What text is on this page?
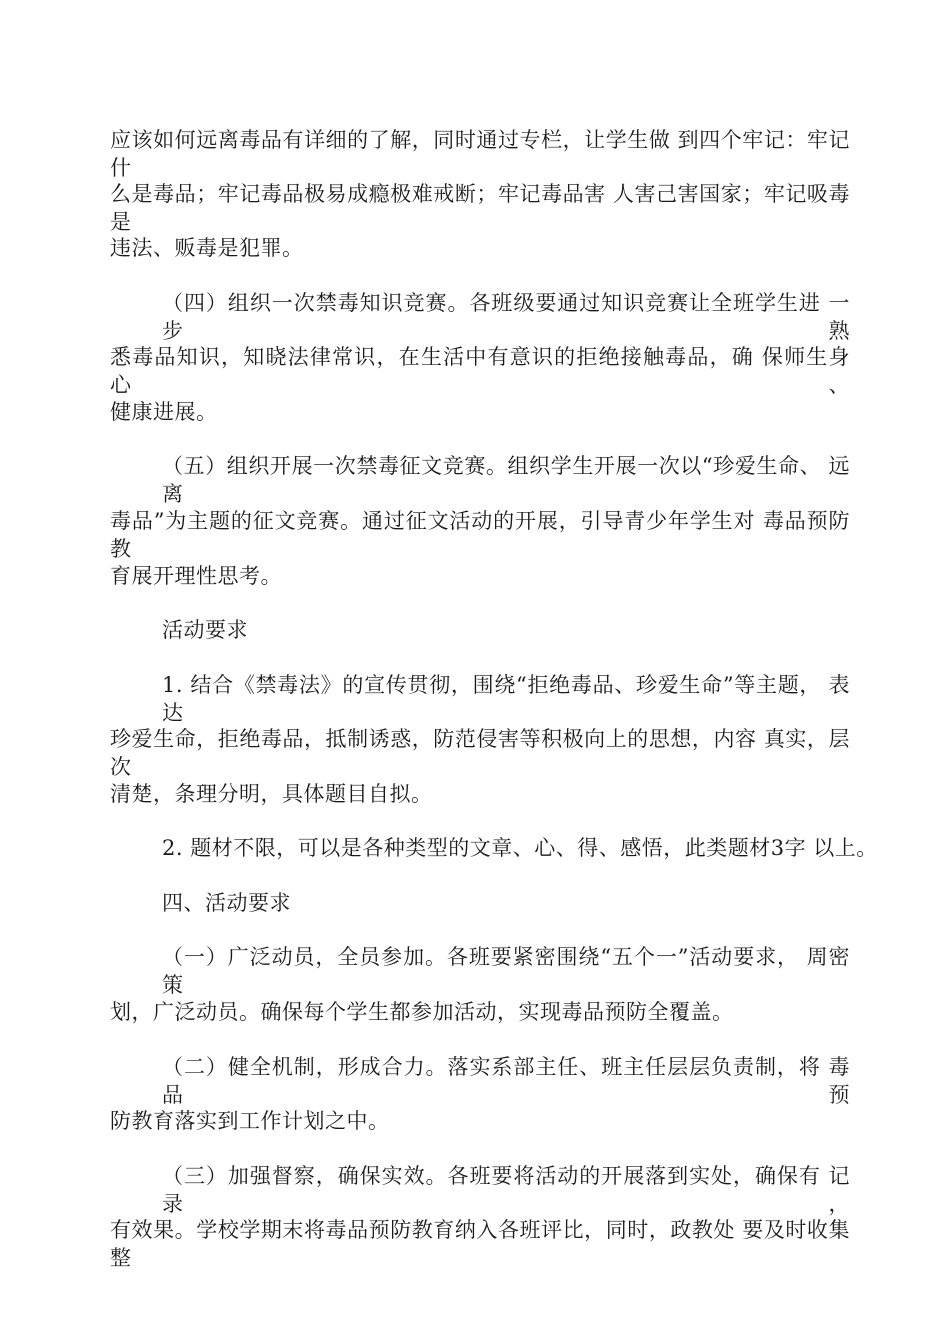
应该如何远离毒品有详细的了解，同时通过专栏，让学生做 到四个牢记：牢记什
么是毒品；牢记毒品极易成瘾极难戒断；牢记毒品害 人害己害国家；牢记吸毒是
违法、贩毒是犯罪。
（四）组织一次禁毒知识竞赛。各班级要通过知识竞赛让全班学生进 一步熟
悉毒品知识，知晓法律常识，在生活中有意识的拒绝接触毒品，确 保师生身心、
健康进展。
（五）组织开展一次禁毒征文竞赛。组织学生开展一次以“珍爱生命、 远离
毒品”为主题的征文竞赛。通过征文活动的开展，引导青少年学生对 毒品预防教
育展开理性思考。
活动要求
1. 结合《禁毒法》的宣传贯彻，围绕“拒绝毒品、珍爱生命”等主题， 表达
珍爱生命，拒绝毒品，抵制诱惑，防范侵害等积极向上的思想，内容 真实，层次
清楚，条理分明，具体题目自拟。
2. 题材不限，可以是各种类型的文章、心、得、感悟，此类题材3字 以上。
四、活动要求
（一）广泛动员，全员参加。各班要紧密围绕“五个一”活动要求， 周密策
划，广泛动员。确保每个学生都参加活动，实现毒品预防全覆盖。
（二）健全机制，形成合力。落实系部主任、班主任层层负责制，将 毒品预
防教育落实到工作计划之中。
（三）加强督察，确保实效。各班要将活动的开展落到实处，确保有 记录，
有效果。学校学期末将毒品预防教育纳入各班评比，同时，政教处 要及时收集整
